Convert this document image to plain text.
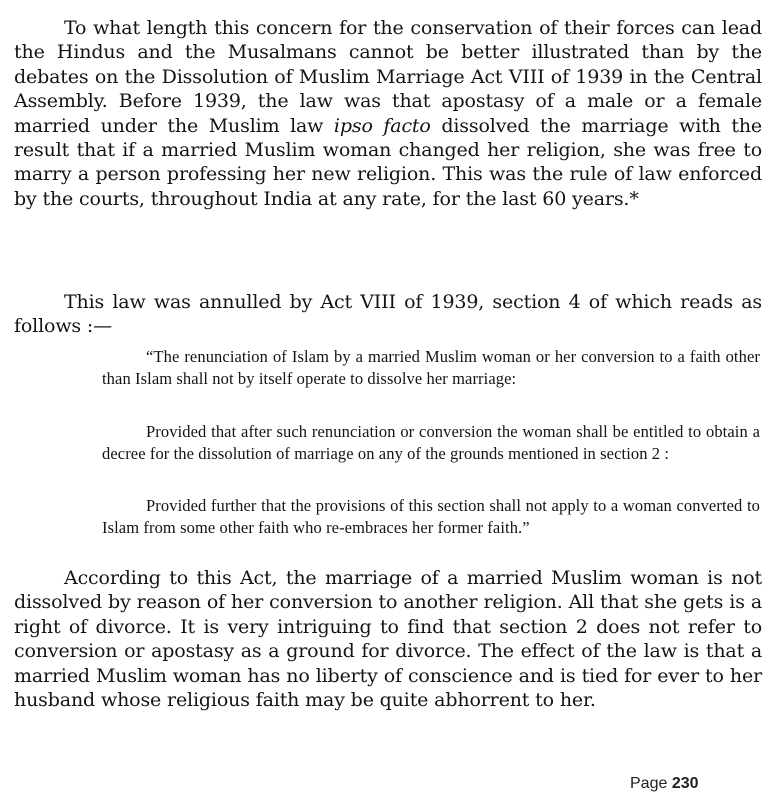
To what length this concern for the conservation of their forces can lead the Hindus and the Musalmans cannot be better illustrated than by the debates on the Dissolution of Muslim Marriage Act VIII of 1939 in the Central Assembly. Before 1939, the law was that apostasy of a male or a female married under the Muslim law ipso facto dissolved the marriage with the result that if a married Muslim woman changed her religion, she was free to marry a person professing her new religion. This was the rule of law enforced by the courts, throughout India at any rate, for the last 60 years.*

This law was annulled by Act VIII of 1939, section 4 of which reads as follows :—

“The renunciation of Islam by a married Muslim woman or her conversion to a faith other than Islam shall not by itself operate to dissolve her marriage:

Provided that after such renunciation or conversion the woman shall be entitled to obtain a decree for the dissolution of marriage on any of the grounds mentioned in section 2 :

Provided further that the provisions of this section shall not apply to a woman converted to Islam from some other faith who re-embraces her former faith.”

According to this Act, the marriage of a married Muslim woman is not dissolved by reason of her conversion to another religion. All that she gets is a right of divorce. It is very intriguing to find that section 2 does not refer to conversion or apostasy as a ground for divorce. The effect of the law is that a married Muslim woman has no liberty of conscience and is tied for ever to her husband whose religious faith may be quite abhorrent to her.

Page 230
